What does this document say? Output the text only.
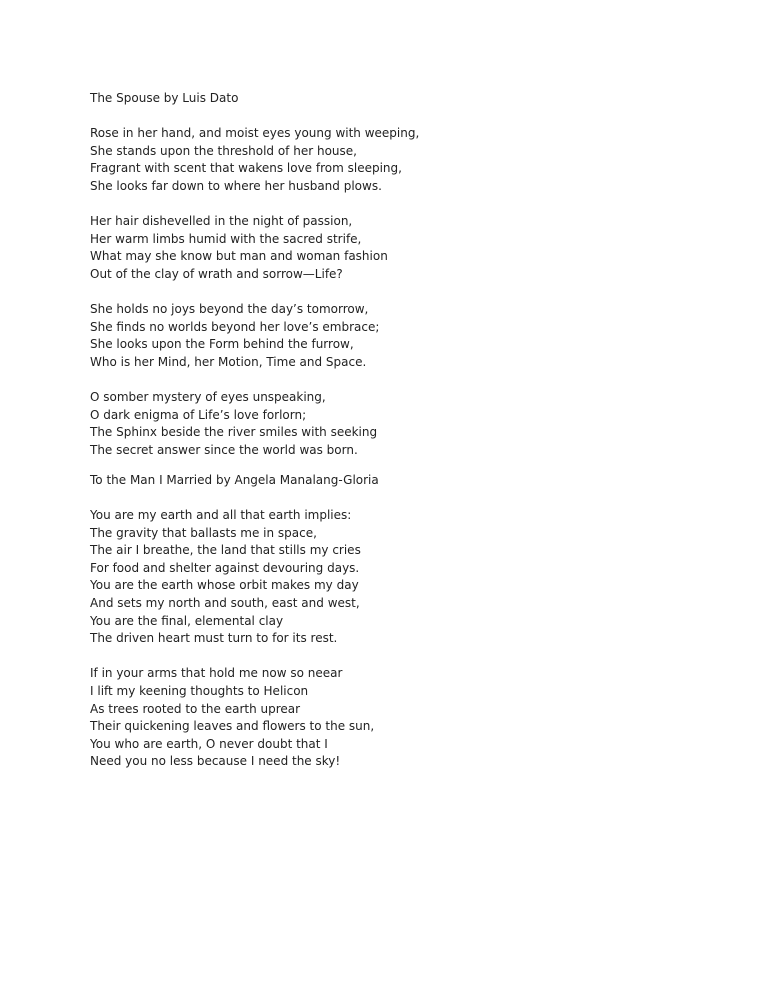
The Spouse by Luis Dato

Rose in her hand, and moist eyes young with weeping,

She stands upon the threshold of her house,

Fragrant with scent that wakens love from sleeping,

She looks far down to where her husband plows.

Her hair dishevelled in the night of passion,

Her warm limbs humid with the sacred strife,

What may she know but man and woman fashion

Out of the clay of wrath and sorrow—Life?

She holds no joys beyond the day’s tomorrow,

She finds no worlds beyond her love’s embrace;

She looks upon the Form behind the furrow,

Who is her Mind, her Motion, Time and Space.

O somber mystery of eyes unspeaking,

O dark enigma of Life’s love forlorn;

The Sphinx beside the river smiles with seeking

The secret answer since the world was born.

To the Man I Married by Angela Manalang-Gloria

You are my earth and all that earth implies:

The gravity that ballasts me in space,

The air I breathe, the land that stills my cries

For food and shelter against devouring days.

You are the earth whose orbit makes my day

And sets my north and south, east and west,

You are the final, elemental clay

The driven heart must turn to for its rest.

If in your arms that hold me now so neear

I lift my keening thoughts to Helicon

As trees rooted to the earth uprear

Their quickening leaves and flowers to the sun,

You who are earth, O never doubt that I

Need you no less because I need the sky!
